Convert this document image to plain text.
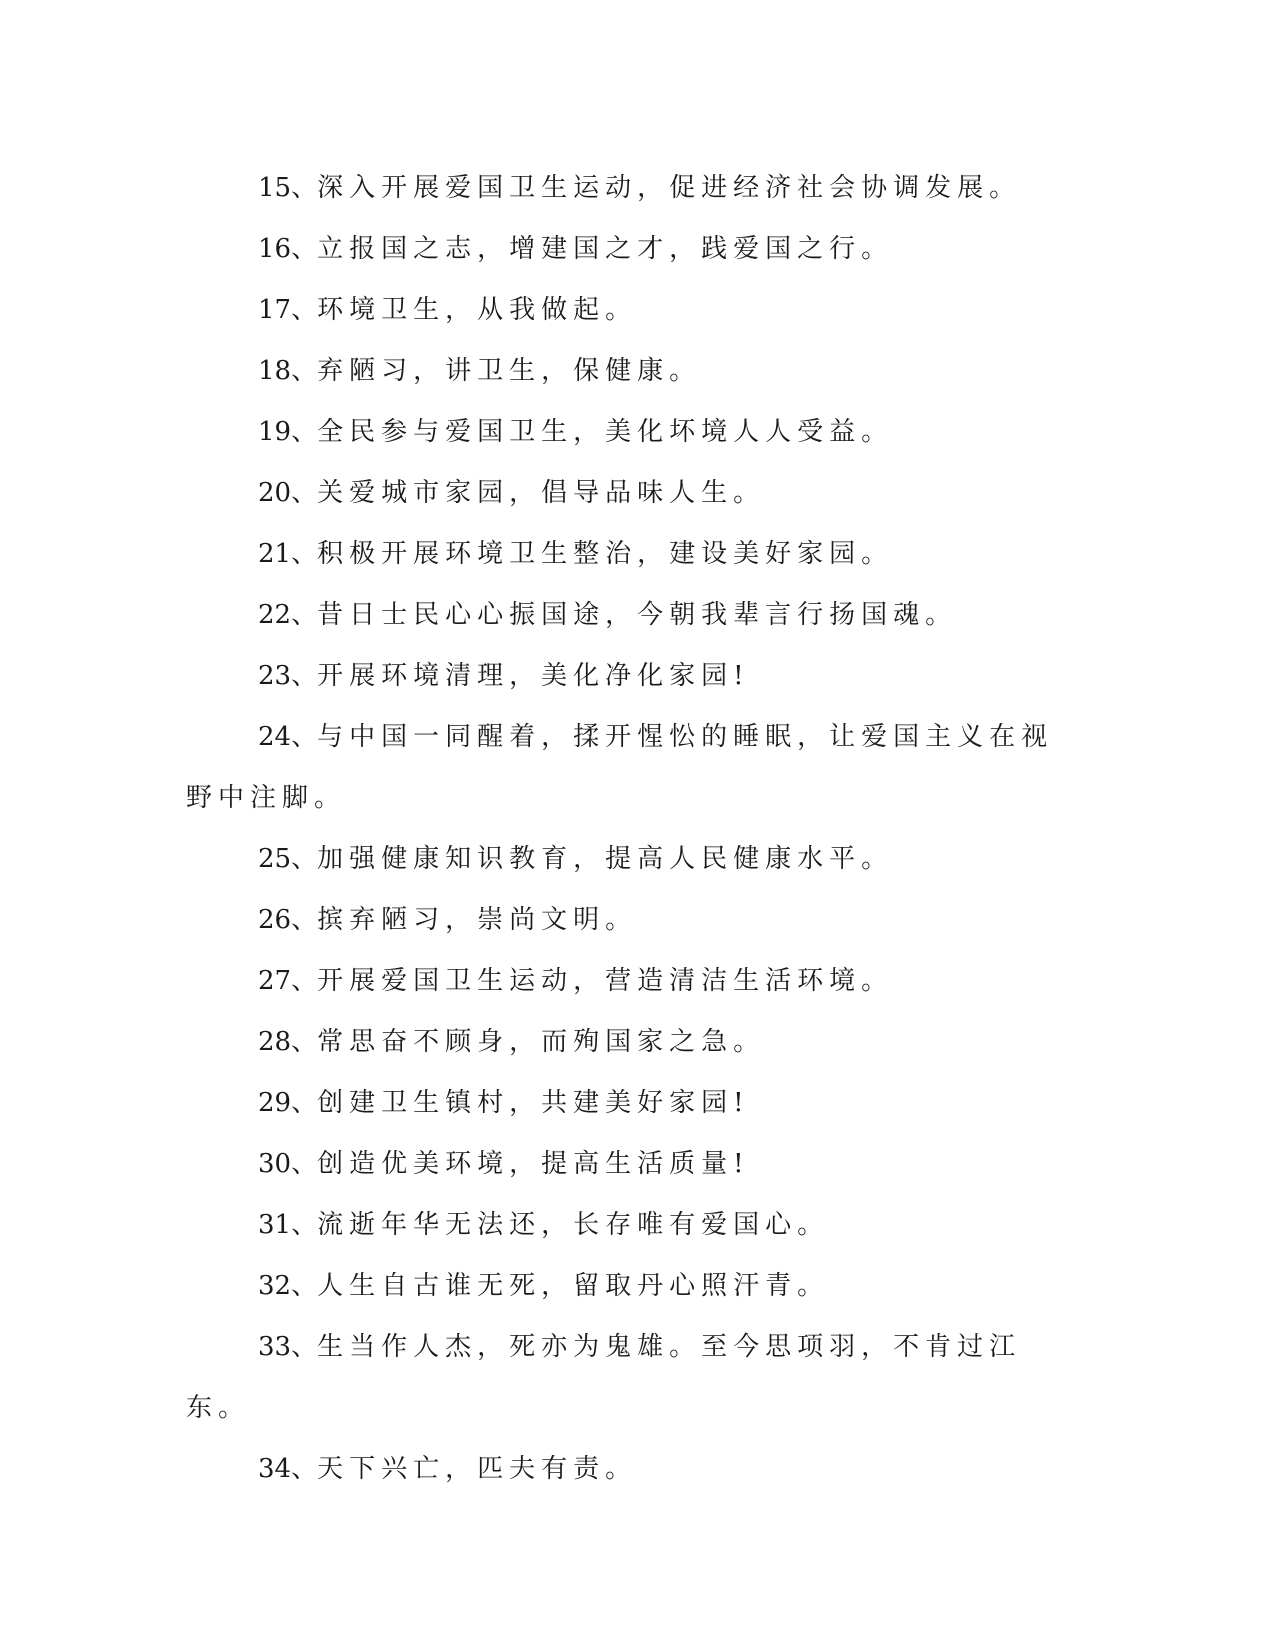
15、深入开展爱国卫生运动，促进经济社会协调发展。

16、立报国之志，增建国之才，践爱国之行。

17、环境卫生，从我做起。

18、弃陋习，讲卫生，保健康。

19、全民参与爱国卫生，美化坏境人人受益。

20、关爱城市家园，倡导品味人生。

21、积极开展环境卫生整治，建设美好家园。

22、昔日士民心心振国途，今朝我辈言行扬国魂。

23、开展环境清理，美化净化家园!

24、与中国一同醒着，揉开惺忪的睡眠，让爱国主义在视野中注脚。

25、加强健康知识教育，提高人民健康水平。

26、摈弃陋习，崇尚文明。

27、开展爱国卫生运动，营造清洁生活环境。

28、常思奋不顾身，而殉国家之急。

29、创建卫生镇村，共建美好家园!

30、创造优美环境，提高生活质量!

31、流逝年华无法还，长存唯有爱国心。

32、人生自古谁无死，留取丹心照汗青。

33、生当作人杰，死亦为鬼雄。至今思项羽，不肯过江东。

34、天下兴亡，匹夫有责。
